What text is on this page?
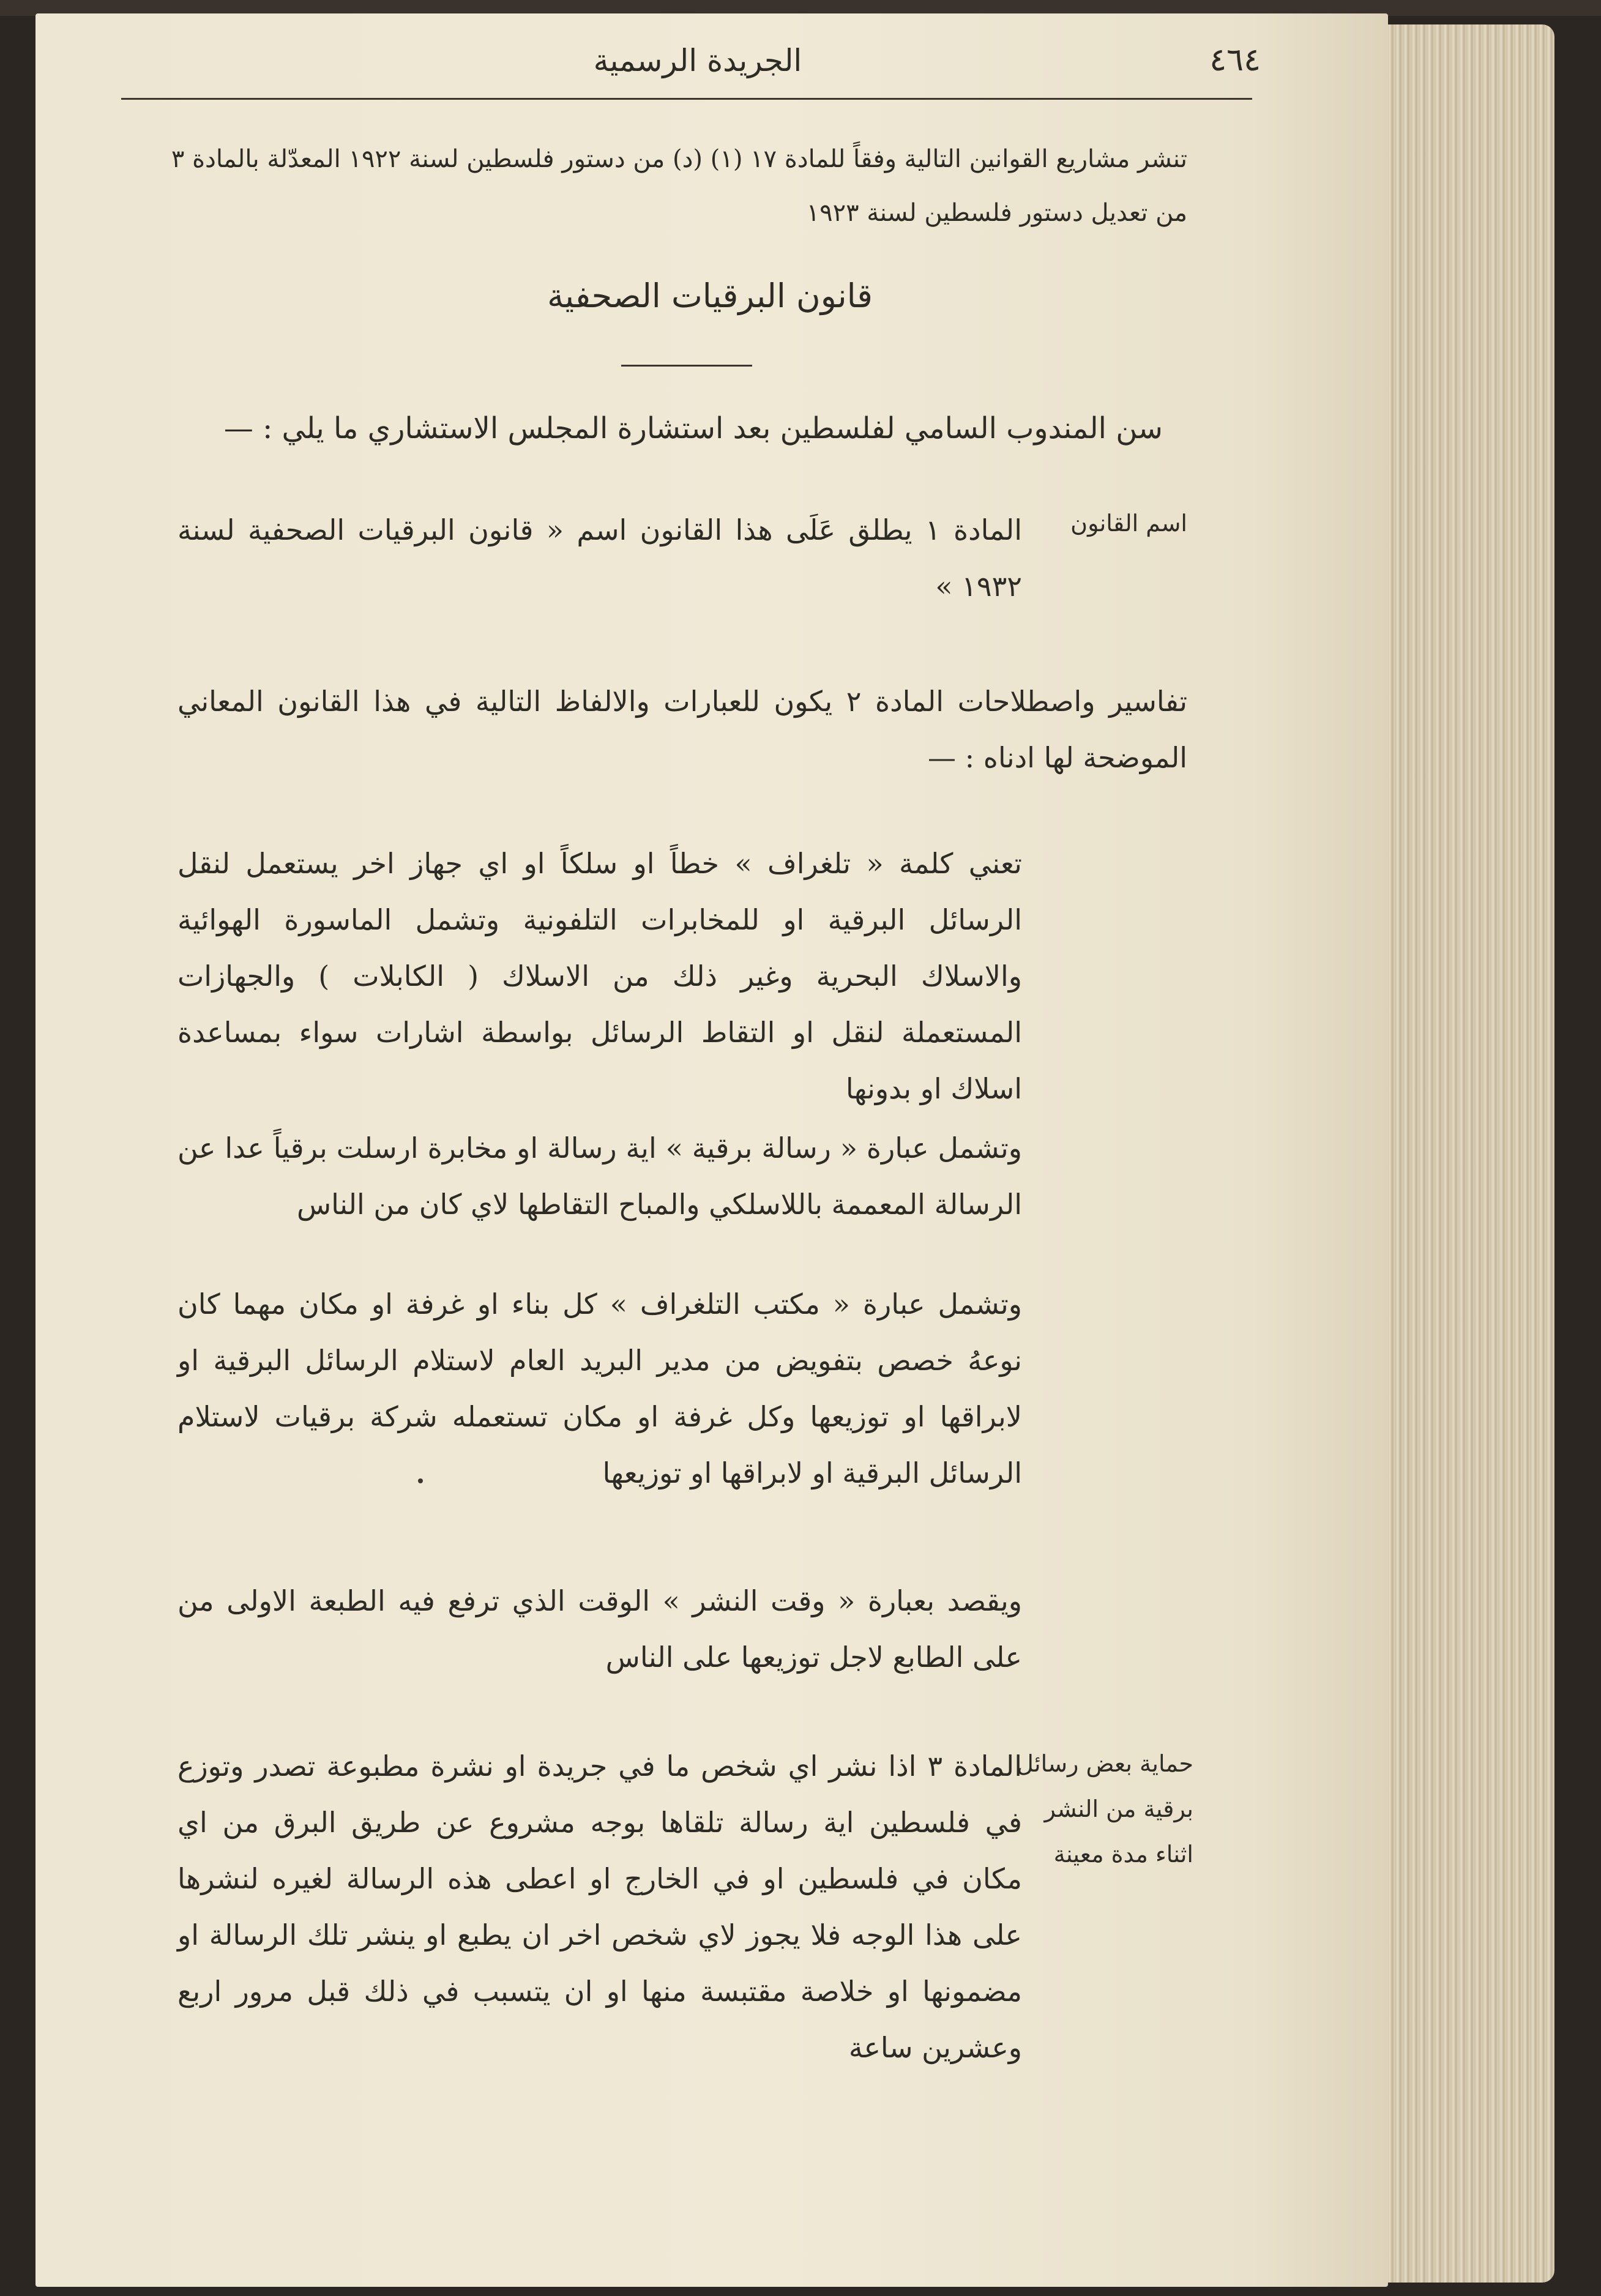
٤٦٤
الجريدة الرسمية
تنشر مشاريع القوانين التالية وفقاً للمادة ١٧ (١) (د) من دستور فلسطين لسنة ١٩٢٢ المعدّلة بالمادة ٣ من تعديل دستور فلسطين لسنة ١٩٢٣
قانون البرقيات الصحفية
سن المندوب السامي لفلسطين بعد استشارة المجلس الاستشاري ما يلي : —
اسم القانون
المادة ١ يطلق عَلَى هذا القانون اسم « قانون البرقيات الصحفية لسنة ١٩٣٢ »
تفاسير واصطلاحات المادة ٢ يكون للعبارات والالفاظ التالية في هذا القانون المعاني الموضحة لها ادناه : —
تعني كلمة « تلغراف » خطاً او سلكاً او اي جهاز اخر يستعمل لنقل الرسائل البرقية او للمخابرات التلفونية وتشمل الماسورة الهوائية والاسلاك البحرية وغير ذلك من الاسلاك ( الكابلات ) والجهازات المستعملة لنقل او التقاط الرسائل بواسطة اشارات سواء بمساعدة اسلاك او بدونها
وتشمل عبارة « رسالة برقية » اية رسالة او مخابرة ارسلت برقياً عدا عن الرسالة المعممة باللاسلكي والمباح التقاطها لاي كان من الناس
وتشمل عبارة « مكتب التلغراف » كل بناء او غرفة او مكان مهما كان نوعهُ خصص بتفويض من مدير البريد العام لاستلام الرسائل البرقية او لابراقها او توزيعها وكل غرفة او مكان تستعمله شركة برقيات لاستلام الرسائل البرقية او لابراقها او توزيعها
ويقصد بعبارة « وقت النشر » الوقت الذي ترفع فيه الطبعة الاولى من على الطابع لاجل توزيعها على الناس
حماية بعض رسائل برقية من النشر اثناء مدة معينة
المادة ٣ اذا نشر اي شخص ما في جريدة او نشرة مطبوعة تصدر وتوزع في فلسطين اية رسالة تلقاها بوجه مشروع عن طريق البرق من اي مكان في فلسطين او في الخارج او اعطى هذه الرسالة لغيره لنشرها على هذا الوجه فلا يجوز لاي شخص اخر ان يطبع او ينشر تلك الرسالة او مضمونها او خلاصة مقتبسة منها او ان يتسبب في ذلك قبل مرور اربع وعشرين ساعة
